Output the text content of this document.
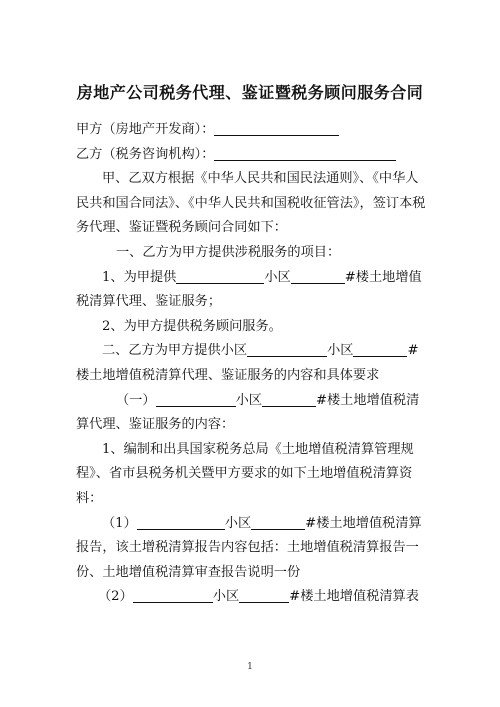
房地产公司税务代理、鉴证暨税务顾问服务合同

甲方（房地产开发商）：

乙方（税务咨询机构）：

甲、乙双方根据《中华人民共和国民法通则》、《中华人民共和国合同法》、《中华人民共和国税收征管法》，签订本税务代理、鉴证暨税务顾问合同如下：

一、乙方为甲方提供涉税服务的项目：

1、为甲提供	小区	#楼土地增值税清算代理、鉴证服务；

2、为甲方提供税务顾问服务。

二、乙方为甲方提供小区	小区	#楼土地增值税清算代理、鉴证服务的内容和具体要求

（一）	小区	#楼土地增值税清算代理、鉴证服务的内容：

1、编制和出具国家税务总局《土地增值税清算管理规程》、省市县税务机关暨甲方要求的如下土地增值税清算资料：

（1）	小区	#楼土地增值税清算报告，该土增税清算报告内容包括：土地增值税清算报告一份、土地增值税清算审查报告说明一份

（2）	小区	#楼土地增值税清算表

1
